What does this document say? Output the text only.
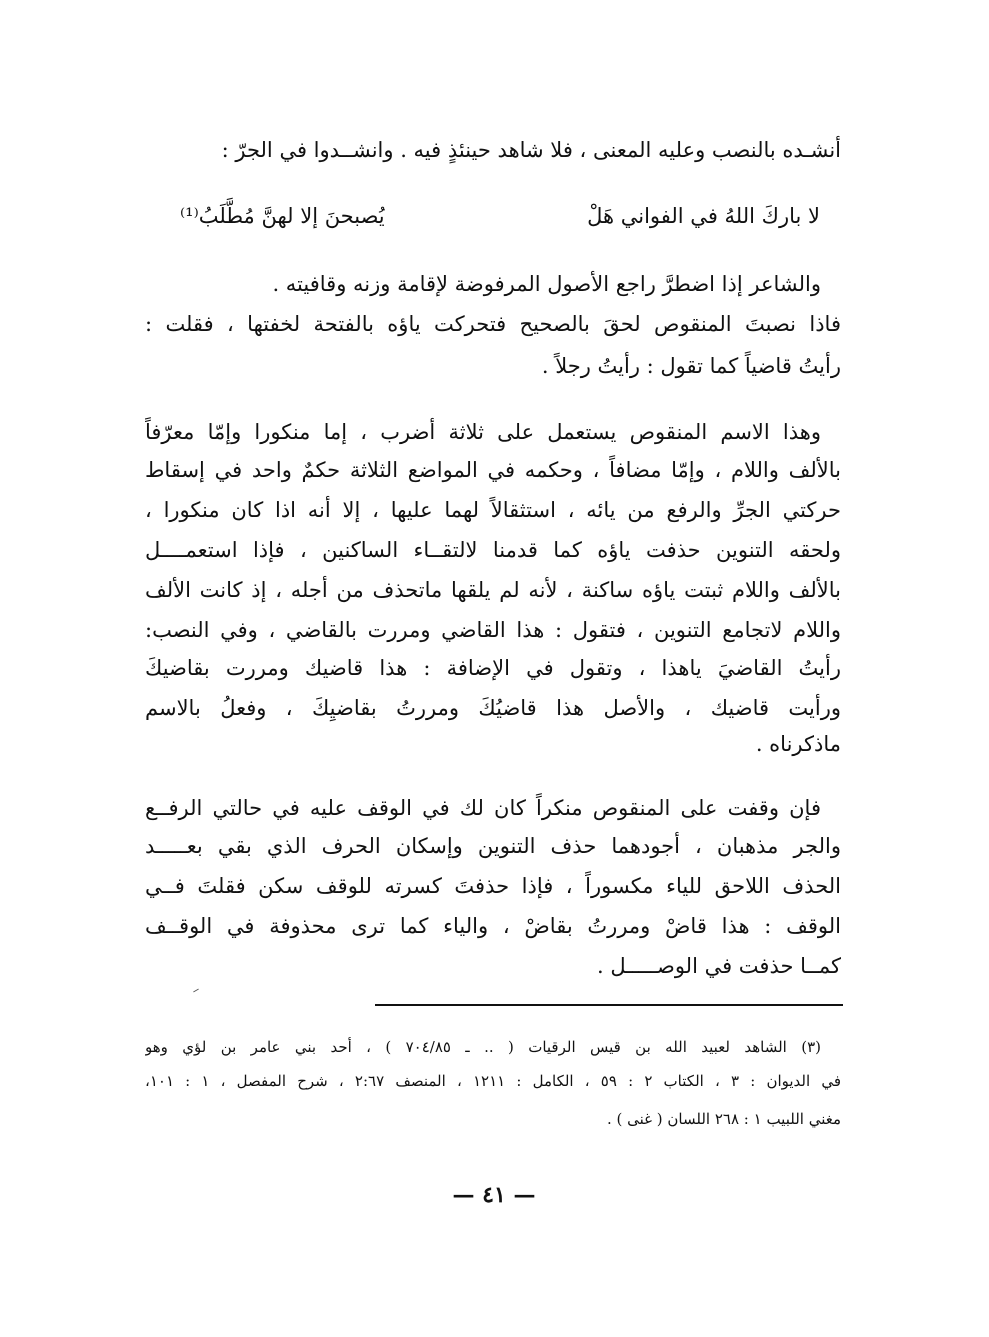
أنشـده بالنصب وعليه المعنى ، فلا شاهد حينئذٍ فيه . وانشــدوا في الجرّ :
لا باركَ اللهُ في الفواني هَلْ
يُصبحنَ إلا لهنَّ مُطَّلَبُ⁽¹⁾
والشاعر إذا اضطرَّ راجع الأصول المرفوضة لإقامة وزنه وقافيته .
فاذا نصبتَ المنقوص لحقَ بالصحيح فتحركت ياؤه بالفتحة لخفتها ، فقلت :
رأيتُ قاضياً كما تقول : رأيتُ رجلاً .
وهذا الاسم المنقوص يستعمل على ثلاثة أضرب ، إما منكورا وإمّا معرّفاً
بالألف واللام ، وإمّا مضافاً ، وحكمه في المواضع الثلاثة حكمٌ واحد في إسقاط
حركتي الجرِّ والرفع من يائه ، استثقالاً لهما عليها ، إلا أنه اذا كان منكورا ،
ولحقه التنوين حذفت ياؤه كما قدمنا لالتقــاء الساكنين ، فإذا استعمــــل
بالألف واللام ثبتت ياؤه ساكنة ، لأنه لم يلقها ماتحذف من أجله ، إذ كانت الألف
واللام لاتجامع التنوين ، فتقول : هذا القاضي ومررت بالقاضي ، وفي النصب:
رأيتُ القاضيَ ياهذا ، وتقول في الإضافة : هذا قاضيك ومررت بقاضيكَ
ورأيت قاضيك ، والأصل هذا قاضيُكَ ومررتُ بقاضيِكَ ، وفعلُ بالاسم
ماذكرناه .
فإن وقفت على المنقوص منكراً كان لك في الوقف عليه في حالتي الرفــع
والجر مذهبان ، أجودهما حذف التنوين وإسكان الحرف الذي بقي بعـــــد
الحذف اللاحق للياء مكسوراً ، فإذا حذفتَ كسرته للوقف سكن فقلتَ فــي
الوقف : هذا قاضْ ومررتُ بقاضْ ، والياء كما ترى محذوفة في الوقــف
كمــا حذفت في الوصـــــل .
(٣) الشاهد لعبيد الله بن قيس الرقيات ( .. ـ ٧٠٤/٨٥ ) ، أحد بني عامر بن لؤي وهو
في الديوان : ٣ ، الكتاب ٢ : ٥٩ ، الكامل : ١٢١١ ، المنصف ٢:٦٧ ، شرح المفصل ، ١ : ١٠١،
مغني اللبيب ١ : ٢٦٨ اللسان ( غنى ) .
— ٤١ —
